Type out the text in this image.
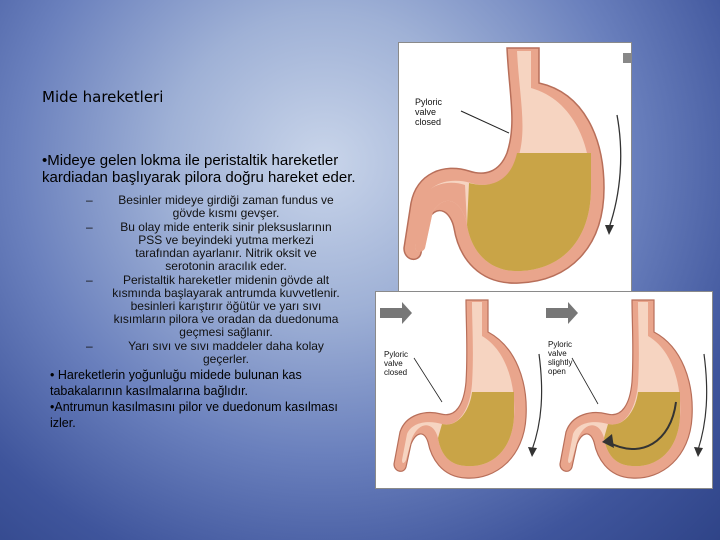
Mide hareketleri

•Mideye gelen lokma ile peristaltik hareketler kardiadan başlıyarak pilora doğru hareket eder.

– Besinler mideye girdiği zaman fundus ve gövde kısmı gevşer.
– Bu olay mide enterik sinir pleksuslarının PSS ve beyindeki yutma merkezi tarafından ayarlanır. Nitrik oksit ve serotonin aracılık eder.
–	Peristaltik hareketler midenin gövde alt kısmında başlayarak antrumda kuvvetlenir. besinleri karıştırır öğütür ve yarı sıvı kısımların pilora ve oradan da duedonuma geçmesi sağlanır.
–	Yarı sıvı ve sıvı maddeler daha kolay geçerler.
• Hareketlerin yoğunluğu midede bulunan kas tabakalarının kasılmalarına bağlıdır.
•Antrumun kasılmasını pilor ve duedonum kasılması izler.
Pyloric
valve
closed
Pyloric
valve
closed
Pyloric
valve
slightly
open
